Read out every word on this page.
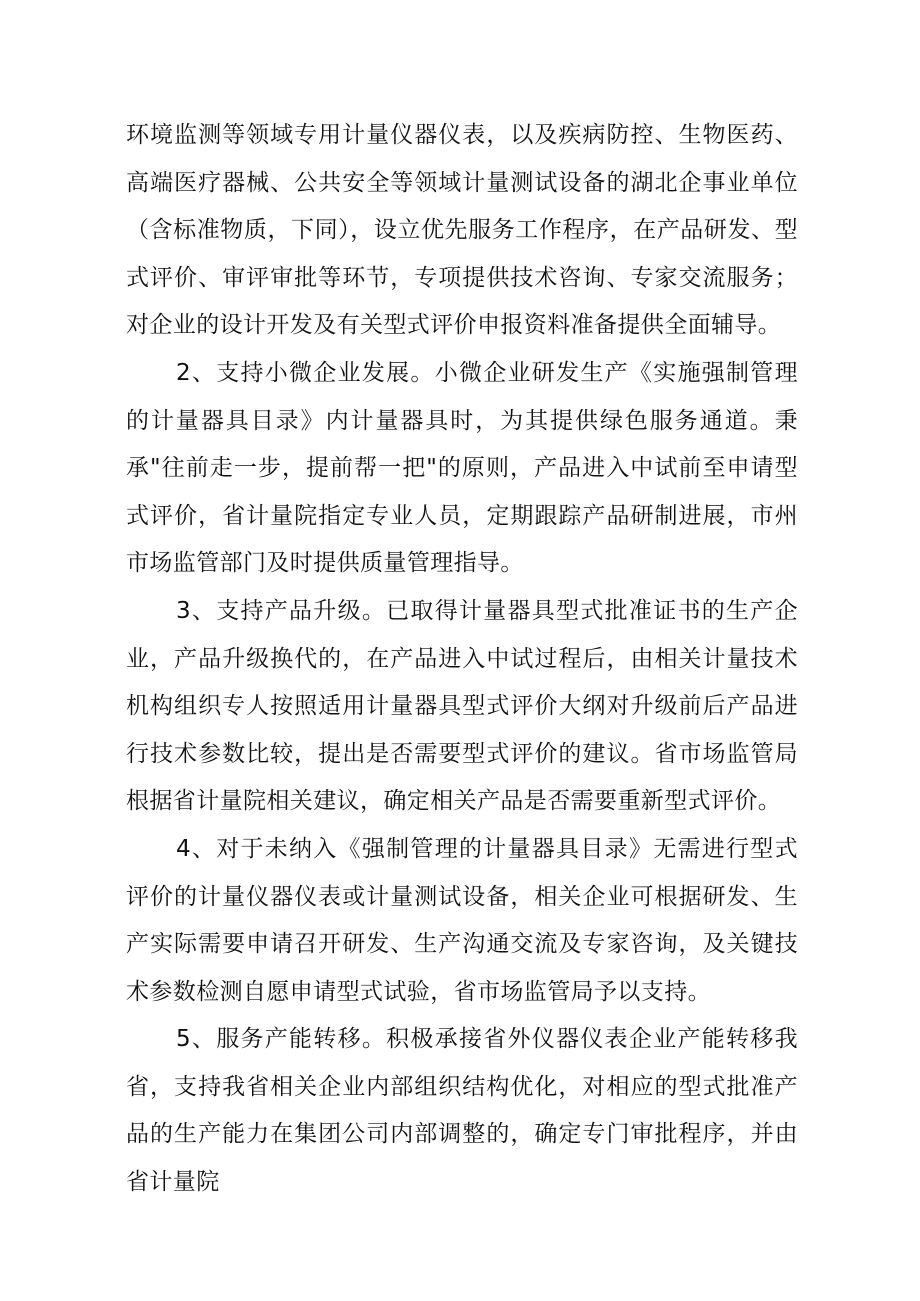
环境监测等领域专用计量仪器仪表，以及疾病防控、生物医药、高端医疗器械、公共安全等领域计量测试设备的湖北企事业单位（含标准物质，下同），设立优先服务工作程序，在产品研发、型式评价、审评审批等环节，专项提供技术咨询、专家交流服务；对企业的设计开发及有关型式评价申报资料准备提供全面辅导。

2、支持小微企业发展。小微企业研发生产《实施强制管理的计量器具目录》内计量器具时，为其提供绿色服务通道。秉承"往前走一步，提前帮一把"的原则，产品进入中试前至申请型式评价，省计量院指定专业人员，定期跟踪产品研制进展，市州市场监管部门及时提供质量管理指导。

3、支持产品升级。已取得计量器具型式批准证书的生产企业，产品升级换代的，在产品进入中试过程后，由相关计量技术机构组织专人按照适用计量器具型式评价大纲对升级前后产品进行技术参数比较，提出是否需要型式评价的建议。省市场监管局根据省计量院相关建议，确定相关产品是否需要重新型式评价。

4、对于未纳入《强制管理的计量器具目录》无需进行型式评价的计量仪器仪表或计量测试设备，相关企业可根据研发、生产实际需要申请召开研发、生产沟通交流及专家咨询，及关键技术参数检测自愿申请型式试验，省市场监管局予以支持。

5、服务产能转移。积极承接省外仪器仪表企业产能转移我省，支持我省相关企业内部组织结构优化，对相应的型式批准产品的生产能力在集团公司内部调整的，确定专门审批程序，并由省计量院
